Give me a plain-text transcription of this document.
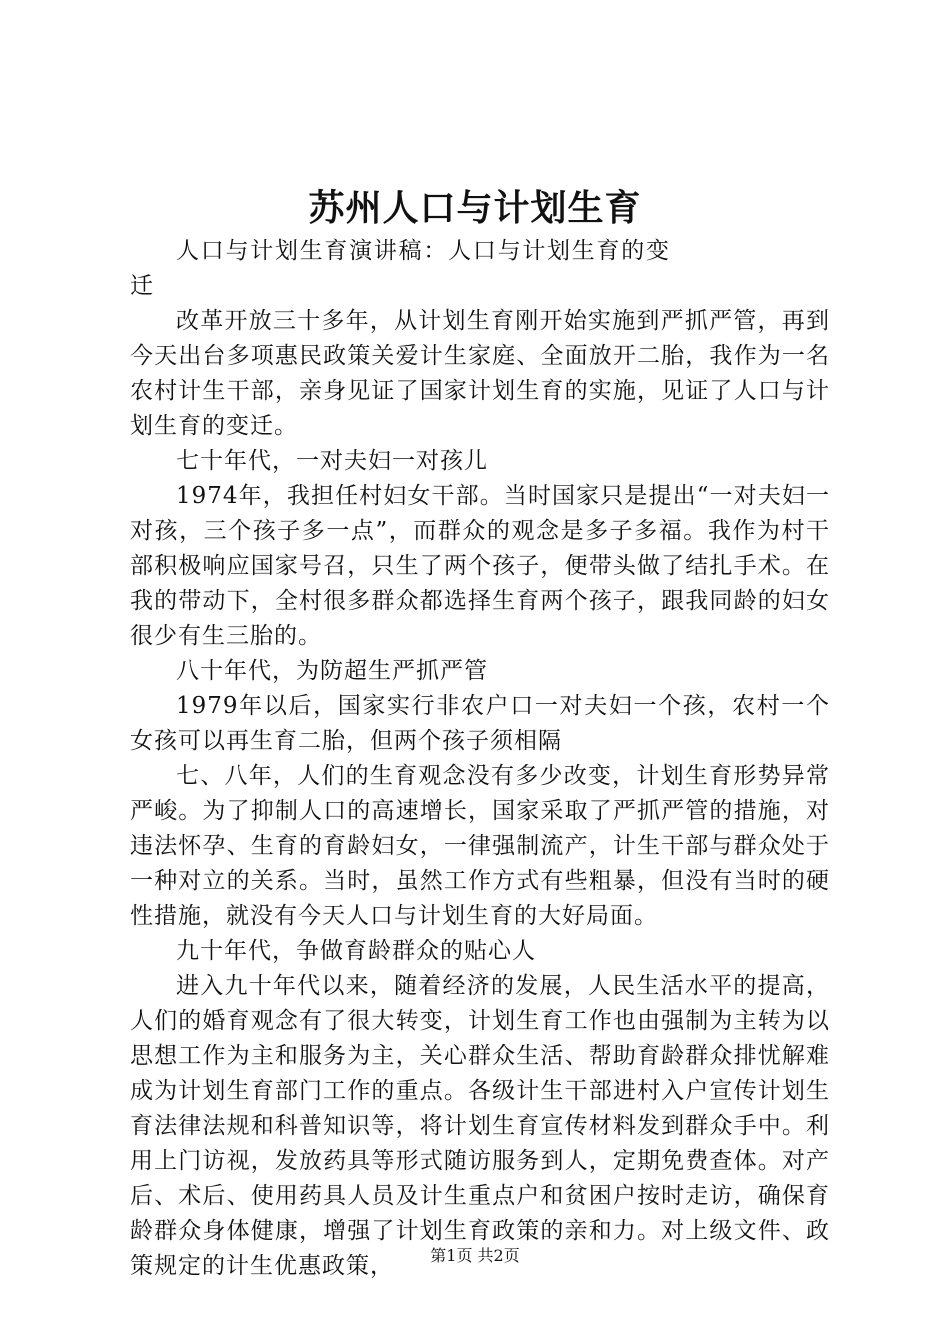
苏州人口与计划生育

人口与计划生育演讲稿：人口与计划生育的变迁

改革开放三十多年，从计划生育刚开始实施到严抓严管，再到今天出台多项惠民政策关爱计生家庭、全面放开二胎，我作为一名农村计生干部，亲身见证了国家计划生育的实施，见证了人口与计划生育的变迁。

七十年代，一对夫妇一对孩儿

1974年，我担任村妇女干部。当时国家只是提出“一对夫妇一对孩，三个孩子多一点”，而群众的观念是多子多福。我作为村干部积极响应国家号召，只生了两个孩子，便带头做了结扎手术。在我的带动下，全村很多群众都选择生育两个孩子，跟我同龄的妇女很少有生三胎的。

八十年代，为防超生严抓严管

1979年以后，国家实行非农户口一对夫妇一个孩，农村一个女孩可以再生育二胎，但两个孩子须相隔

七、八年，人们的生育观念没有多少改变，计划生育形势异常严峻。为了抑制人口的高速增长，国家采取了严抓严管的措施，对违法怀孕、生育的育龄妇女，一律强制流产，计生干部与群众处于一种对立的关系。当时，虽然工作方式有些粗暴，但没有当时的硬性措施，就没有今天人口与计划生育的大好局面。

九十年代，争做育龄群众的贴心人

进入九十年代以来，随着经济的发展，人民生活水平的提高，人们的婚育观念有了很大转变，计划生育工作也由强制为主转为以思想工作为主和服务为主，关心群众生活、帮助育龄群众排忧解难成为计划生育部门工作的重点。各级计生干部进村入户宣传计划生育法律法规和科普知识等，将计划生育宣传材料发到群众手中。利用上门访视，发放药具等形式随访服务到人，定期免费查体。对产后、术后、使用药具人员及计生重点户和贫困户按时走访，确保育龄群众身体健康，增强了计划生育政策的亲和力。对上级文件、政策规定的计生优惠政策，	第1页 共2页
